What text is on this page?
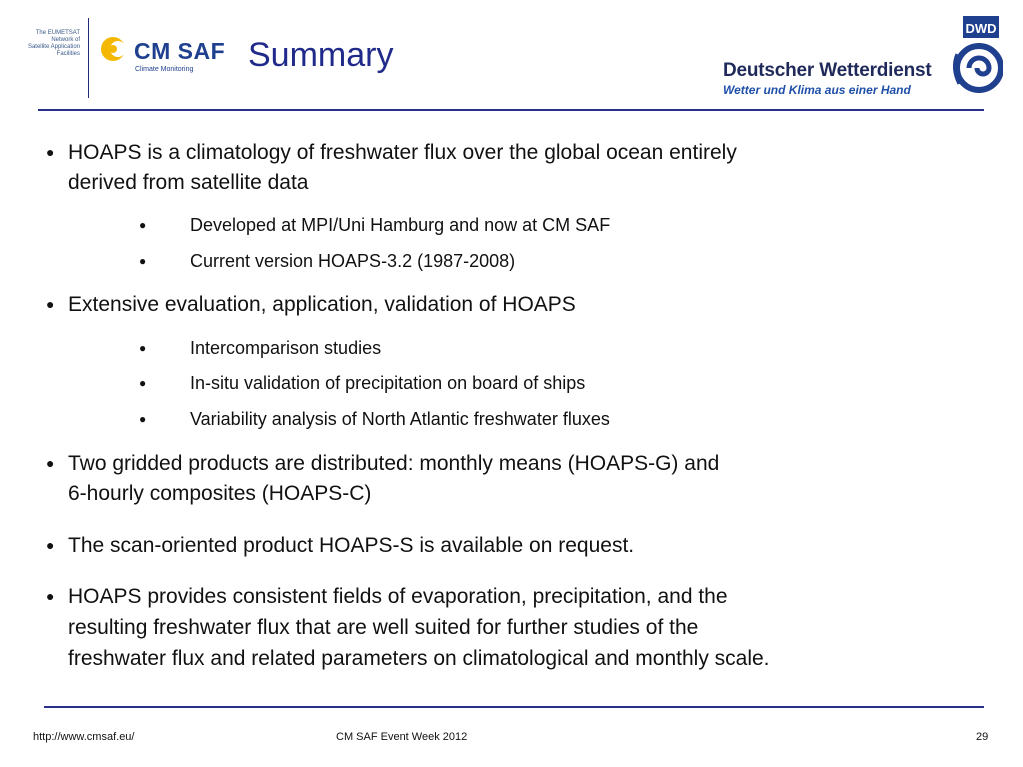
The EUMETSAT
Network of
Satellite Application
Facilities CM SAF
Climate Monitoring Summary	Deutscher Wetterdienst
Wetter und Klima aus einer Hand
DWD
● HOAPS is a climatology of freshwater flux over the global ocean entirely
derived from satellite data
● Developed at MPI/Uni Hamburg and now at CM SAF
● Current version HOAPS-3.2 (1987-2008)
● Extensive evaluation, application, validation of HOAPS
● Intercomparison studies
● In-situ validation of precipitation on board of ships
● Variability analysis of North Atlantic freshwater fluxes
● Two gridded products are distributed: monthly means (HOAPS-G) and
6-hourly composites (HOAPS-C)
● The scan-oriented product HOAPS-S is available on request.
● HOAPS provides consistent fields of evaporation, precipitation, and the
resulting freshwater flux that are well suited for further studies of the
freshwater flux and related parameters on climatological and monthly scale.
http://www.cmsaf.eu/	CM SAF Event Week 2012	29
